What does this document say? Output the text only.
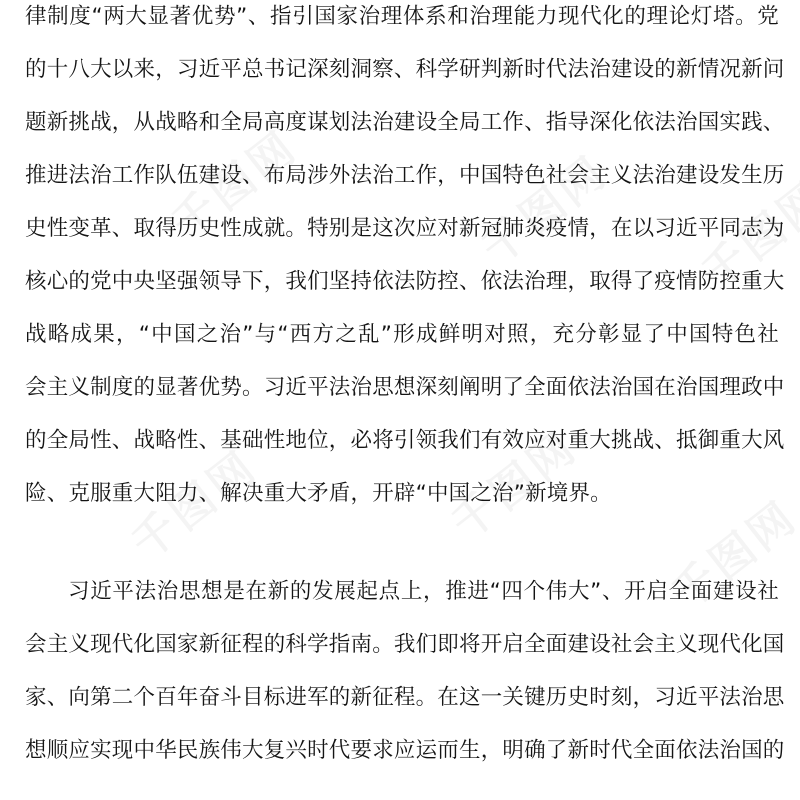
律制度“两大显著优势”、指引国家治理体系和治理能力现代化的理论灯塔。党
的十八大以来，习近平总书记深刻洞察、科学研判新时代法治建设的新情况新问
题新挑战，从战略和全局高度谋划法治建设全局工作、指导深化依法治国实践、
推进法治工作队伍建设、布局涉外法治工作，中国特色社会主义法治建设发生历
史性变革、取得历史性成就。特别是这次应对新冠肺炎疫情，在以习近平同志为
核心的党中央坚强领导下，我们坚持依法防控、依法治理，取得了疫情防控重大
战略成果，“中国之治”与“西方之乱”形成鲜明对照，充分彰显了中国特色社
会主义制度的显著优势。习近平法治思想深刻阐明了全面依法治国在治国理政中
的全局性、战略性、基础性地位，必将引领我们有效应对重大挑战、抵御重大风
险、克服重大阻力、解决重大矛盾，开辟“中国之治”新境界。
习近平法治思想是在新的发展起点上，推进“四个伟大”、开启全面建设社
会主义现代化国家新征程的科学指南。我们即将开启全面建设社会主义现代化国
家、向第二个百年奋斗目标进军的新征程。在这一关键历史时刻，习近平法治思
想顺应实现中华民族伟大复兴时代要求应运而生，明确了新时代全面依法治国的
